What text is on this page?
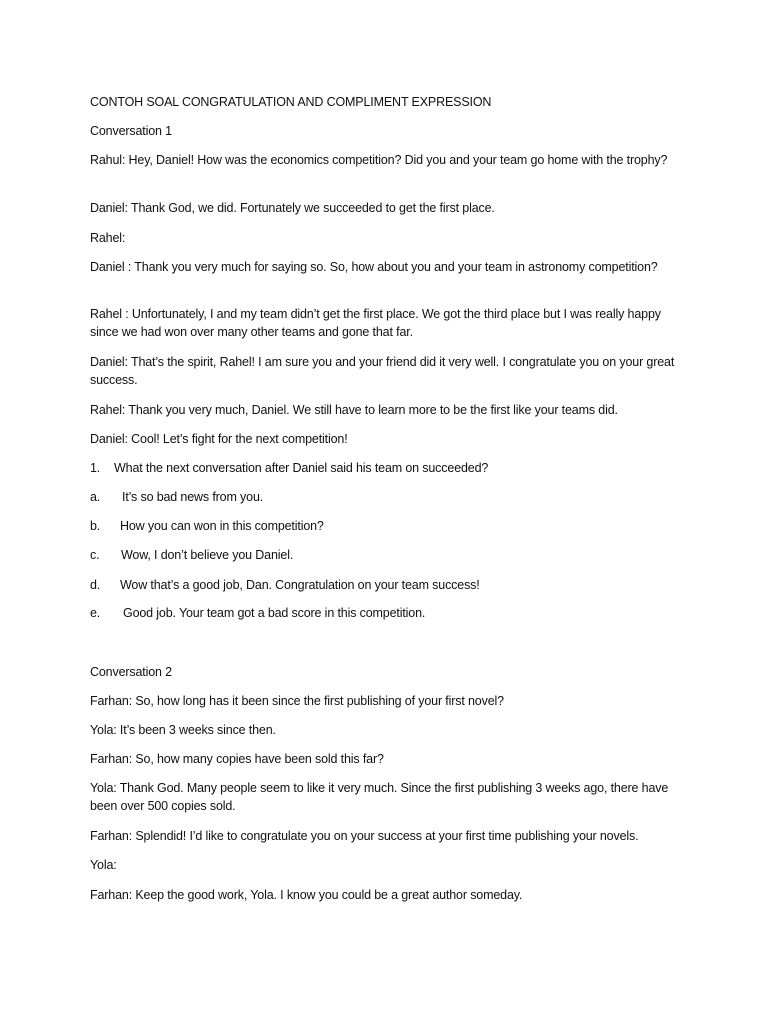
CONTOH SOAL CONGRATULATION AND COMPLIMENT EXPRESSION
Conversation 1
Rahul: Hey, Daniel! How was the economics competition? Did you and your team go home with the trophy?
Daniel: Thank God, we did. Fortunately we succeeded to get the first place.
Rahel:
Daniel : Thank you very much for saying so. So, how about you and your team in astronomy competition?
Rahel : Unfortunately, I and my team didn’t get the first place. We got the third place but I was really happy since we had won over many other teams and gone that far.
Daniel: That’s the spirit, Rahel! I am sure you and your friend did it very well. I congratulate you on your great success.
Rahel: Thank you very much, Daniel. We still have to learn more to be the first like your teams did.
Daniel: Cool! Let’s fight for the next competition!
1. What the next conversation after Daniel said his team on succeeded?
a. It’s so bad news from you.
b. How you can won in this competition?
c. Wow, I don’t believe you Daniel.
d. Wow that’s a good job, Dan. Congratulation on your team success!
e. Good job. Your team got a bad score in this competition.
Conversation 2
Farhan: So, how long has it been since the first publishing of your first novel?
Yola: It’s been 3 weeks since then.
Farhan: So, how many copies have been sold this far?
Yola: Thank God. Many people seem to like it very much. Since the first publishing 3 weeks ago, there have been over 500 copies sold.
Farhan: Splendid! I’d like to congratulate you on your success at your first time publishing your novels.
Yola:
Farhan: Keep the good work, Yola. I know you could be a great author someday.
